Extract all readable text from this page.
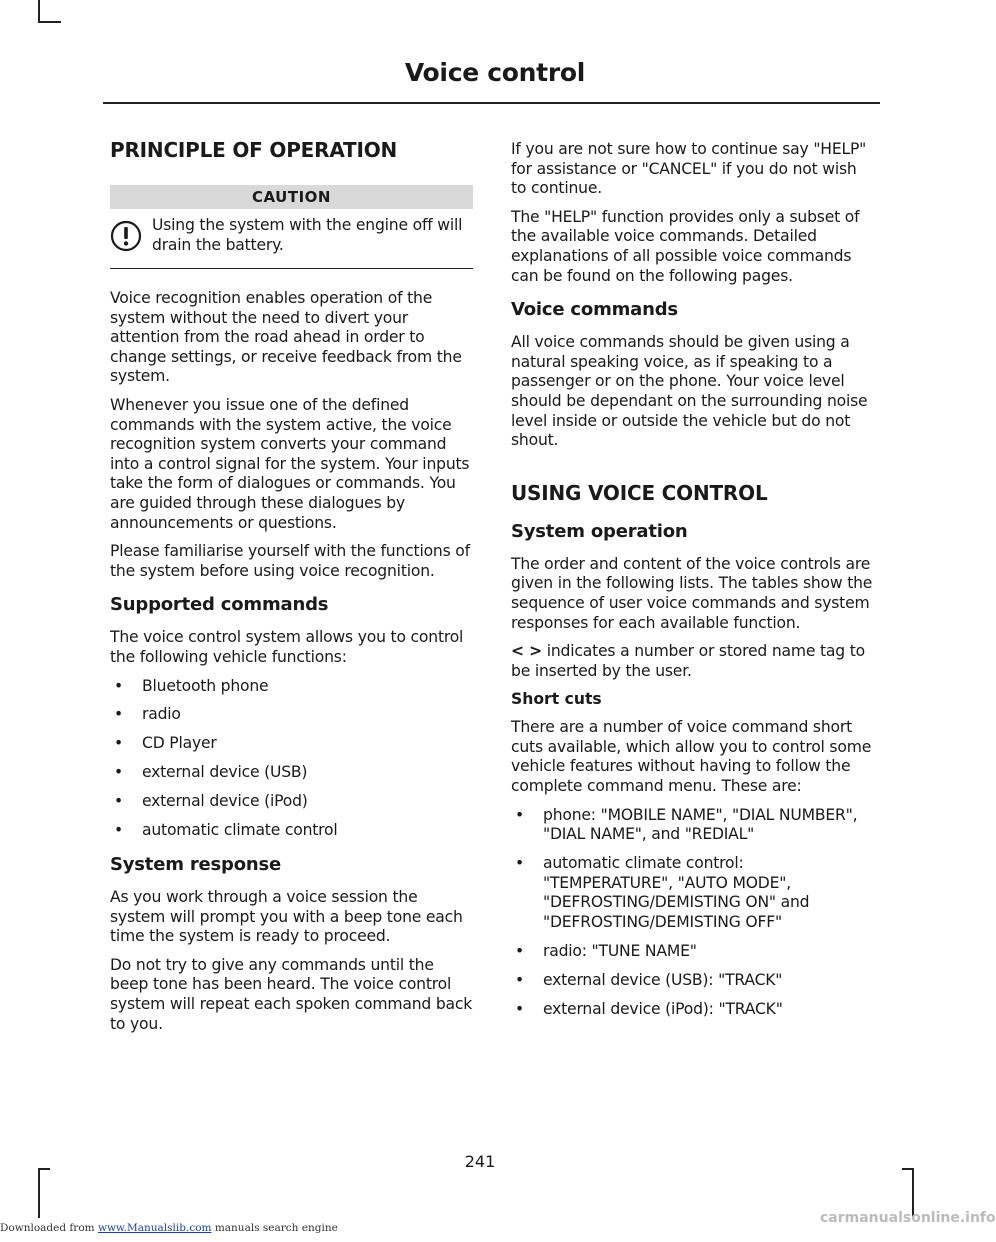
Voice control
PRINCIPLE OF OPERATION
CAUTION

Using the system with the engine off will drain the battery.

Voice recognition enables operation of the system without the need to divert your attention from the road ahead in order to change settings, or receive feedback from the system.

Whenever you issue one of the defined commands with the system active, the voice recognition system converts your command into a control signal for the system. Your inputs take the form of dialogues or commands. You are guided through these dialogues by announcements or questions.

Please familiarise yourself with the functions of the system before using voice recognition.

Supported commands

The voice control system allows you to control the following vehicle functions:

• Bluetooth phone
• radio
• CD Player
• external device (USB)
• external device (iPod)
• automatic climate control
System response

As you work through a voice session the system will prompt you with a beep tone each time the system is ready to proceed.

Do not try to give any commands until the beep tone has been heard. The voice control system will repeat each spoken command back to you.

If you are not sure how to continue say "HELP" for assistance or "CANCEL" if you do not wish to continue.

The "HELP" function provides only a subset of the available voice commands. Detailed explanations of all possible voice commands can be found on the following pages.

Voice commands

All voice commands should be given using a natural speaking voice, as if speaking to a passenger or on the phone. Your voice level should be dependant on the surrounding noise level inside or outside the vehicle but do not shout.

USING VOICE CONTROL
System operation

The order and content of the voice controls are given in the following lists. The tables show the sequence of user voice commands and system responses for each available function.

< > indicates a number or stored name tag to be inserted by the user.

Short cuts

There are a number of voice command short cuts available, which allow you to control some vehicle features without having to follow the complete command menu. These are:

• phone: "MOBILE NAME", "DIAL NUMBER", "DIAL NAME", and "REDIAL"
• automatic climate control: "TEMPERATURE", "AUTO MODE", "DEFROSTING/DEMISTING ON" and "DEFROSTING/DEMISTING OFF"
• radio: "TUNE NAME"
• external device (USB): "TRACK"
• external device (iPod): "TRACK"
241
Downloaded from www.Manualslib.com manuals search engine
carmanualsonline.info
